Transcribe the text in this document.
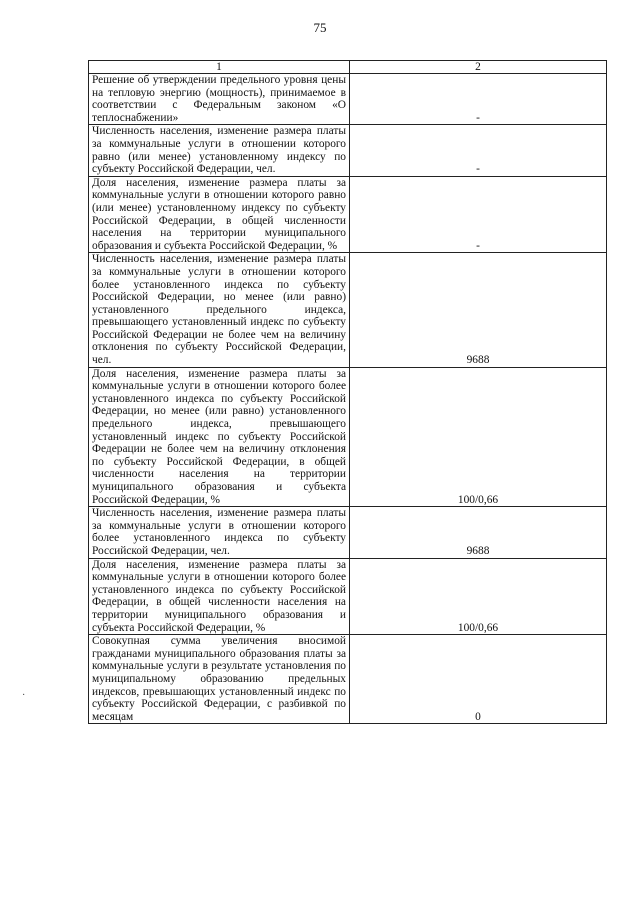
75
1	2
Решение об утверждении предельного уровня цены на тепловую энергию (мощность), принимаемое в соответствии с Федеральным законом «О теплоснабжении»	-
Численность населения, изменение размера платы за коммунальные услуги в отношении которого равно (или менее) установленному индексу по субъекту Российской Федерации, чел.	-
Доля населения, изменение размера платы за коммунальные услуги в отношении которого равно (или менее) установленному индексу по субъекту Российской Федерации, в общей численности населения на территории муниципального образования и субъекта Российской Федерации, %	-
Численность населения, изменение размера платы за коммунальные услуги в отношении которого более установленного индекса по субъекту Российской Федерации, но менее (или равно) установленного предельного индекса, превышающего установленный индекс по субъекту Российской Федерации не более чем на величину отклонения по субъекту Российской Федерации, чел.	9688
Доля населения, изменение размера платы за коммунальные услуги в отношении которого более установленного индекса по субъекту Российской Федерации, но менее (или равно) установленного предельного индекса, превышающего установленный индекс по субъекту Российской Федерации не более чем на величину отклонения по субъекту Российской Федерации, в общей численности населения на территории муниципального образования и субъекта Российской Федерации, %	100/0,66
Численность населения, изменение размера платы за коммунальные услуги в отношении которого более установленного индекса по субъекту Российской Федерации, чел.	9688
Доля населения, изменение размера платы за коммунальные услуги в отношении которого более установленного индекса по субъекту Российской Федерации, в общей численности населения на территории муниципального образования и субъекта Российской Федерации, %	100/0,66
Совокупная сумма увеличения вносимой гражданами муниципального образования платы за коммунальные услуги в результате установления по муниципальному образованию предельных индексов, превышающих установленный индекс по субъекту Российской Федерации, с разбивкой по месяцам	0
·
